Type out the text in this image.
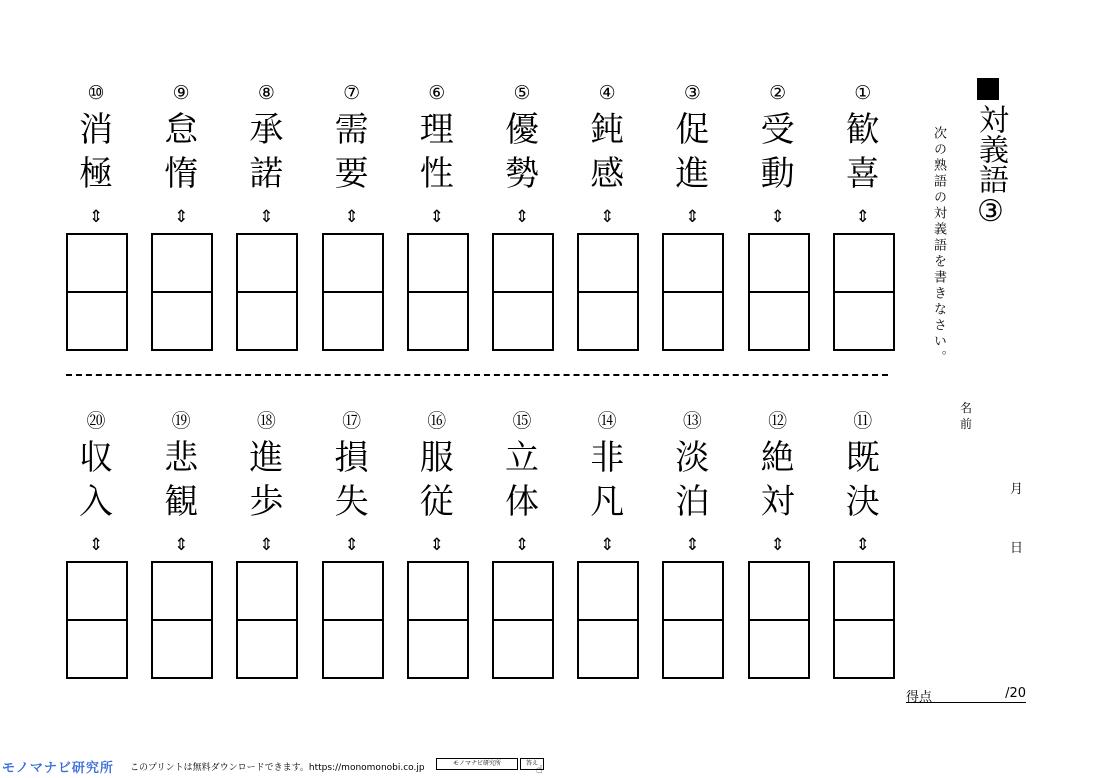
対義語③
次の熟語の対義語を書きなさい。
名前
月
日
得点	/20
⑩
消
極
⇕
⑨
怠
惰
⇕
⑧
承
諾
⇕
⑦
需
要
⇕
⑥
理
性
⇕
⑤
優
勢
⇕
④
鈍
感
⇕
③
促
進
⇕
②
受
動
⇕
①
歓
喜
⇕
⑳
収
入
⇕
⑲
悲
観
⇕
⑱
進
歩
⇕
⑰
損
失
⇕
⑯
服
従
⇕
⑮
立
体
⇕
⑭
非
凡
⇕
⑬
淡
泊
⇕
⑫
絶
対
⇕
⑪
既
決
⇕
モノマナビ研究所 このプリントは無料ダウンロードできます。https://monomonobi.co.jp	モノマナビ研究所	答え
☝
